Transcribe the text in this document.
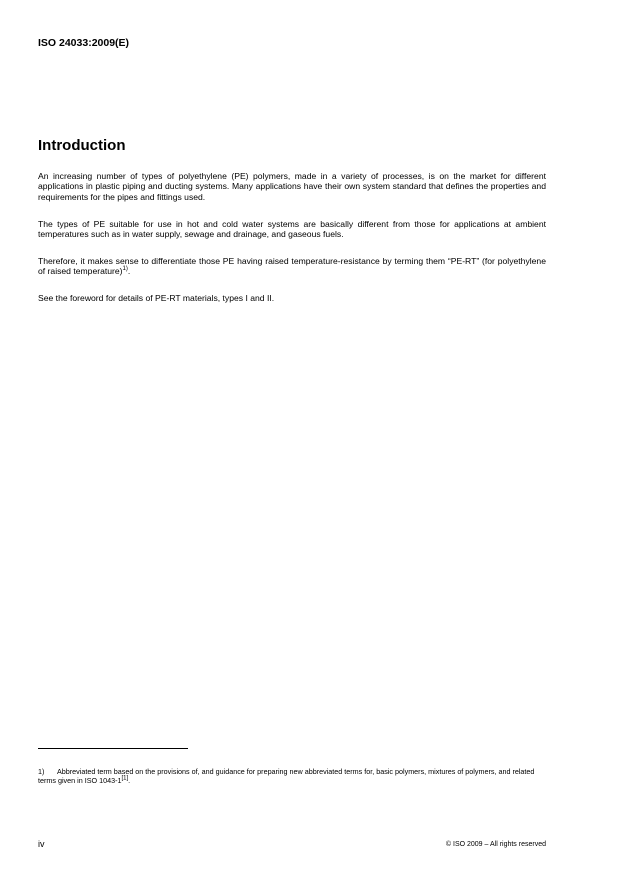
ISO 24033:2009(E)
Introduction

An increasing number of types of polyethylene (PE) polymers, made in a variety of processes, is on the market for different applications in plastic piping and ducting systems. Many applications have their own system standard that defines the properties and requirements for the pipes and fittings used.

The types of PE suitable for use in hot and cold water systems are basically different from those for applications at ambient temperatures such as in water supply, sewage and drainage, and gaseous fuels.

Therefore, it makes sense to differentiate those PE having raised temperature-resistance by terming them “PE-RT” (for polyethylene of raised temperature)$^{1)}$.

See the foreword for details of PE-RT materials, types I and II.

1) Abbreviated term based on the provisions of, and guidance for preparing new abbreviated terms for, basic polymers, mixtures of polymers, and related terms given in ISO 1043-1[1].

iv	© ISO 2009 – All rights reserved
